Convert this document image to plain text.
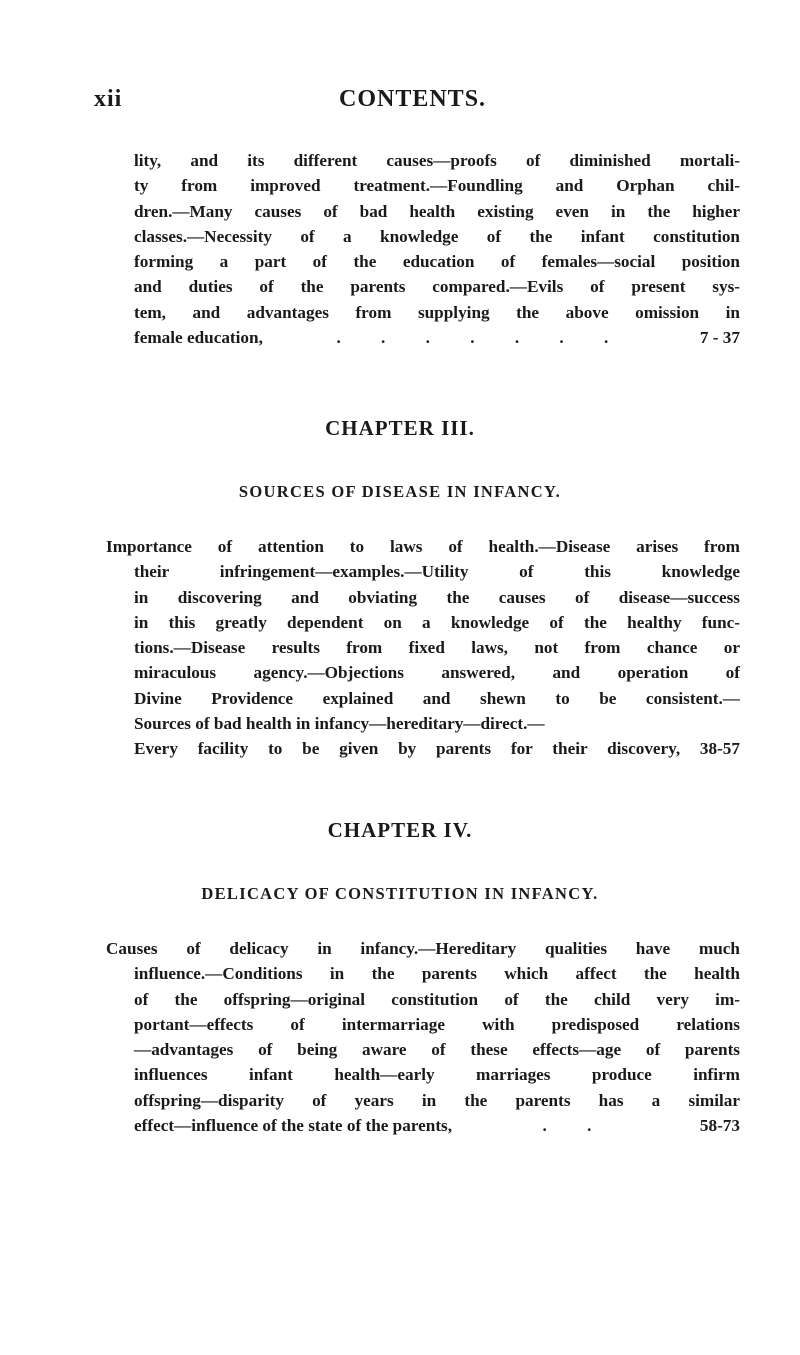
xii	CONTENTS.
lity, and its different causes—proofs of diminished mortali-
ty from improved treatment.—Foundling and Orphan chil-
dren.—Many causes of bad health existing even in the higher
classes.—Necessity of a knowledge of the infant constitution
forming a part of the education of females—social position
and duties of the parents compared.—Evils of present sys-
tem, and advantages from supplying the above omission in
female education,	. . . . . . .	7 - 37
CHAPTER III.
SOURCES OF DISEASE IN INFANCY.
Importance of attention to laws of health.—Disease arises from
their infringement—examples.—Utility of this knowledge
in discovering and obviating the causes of disease—success
in this greatly dependent on a knowledge of the healthy func-
tions.—Disease results from fixed laws, not from chance or
miraculous agency.—Objections answered, and operation of
Divine Providence explained and shewn to be consistent.—
Sources of bad health in infancy—hereditary—direct.—
Every facility to be given by parents for their discovery, 38-57
CHAPTER IV.
DELICACY OF CONSTITUTION IN INFANCY.
Causes of delicacy in infancy.—Hereditary qualities have much
influence.—Conditions in the parents which affect the health
of the offspring—original constitution of the child very im-
portant—effects of intermarriage with predisposed relations
—advantages of being aware of these effects—age of parents
influences infant health—early marriages produce infirm
offspring—disparity of years in the parents has a similar
effect—influence of the state of the parents,	. .	58-73
